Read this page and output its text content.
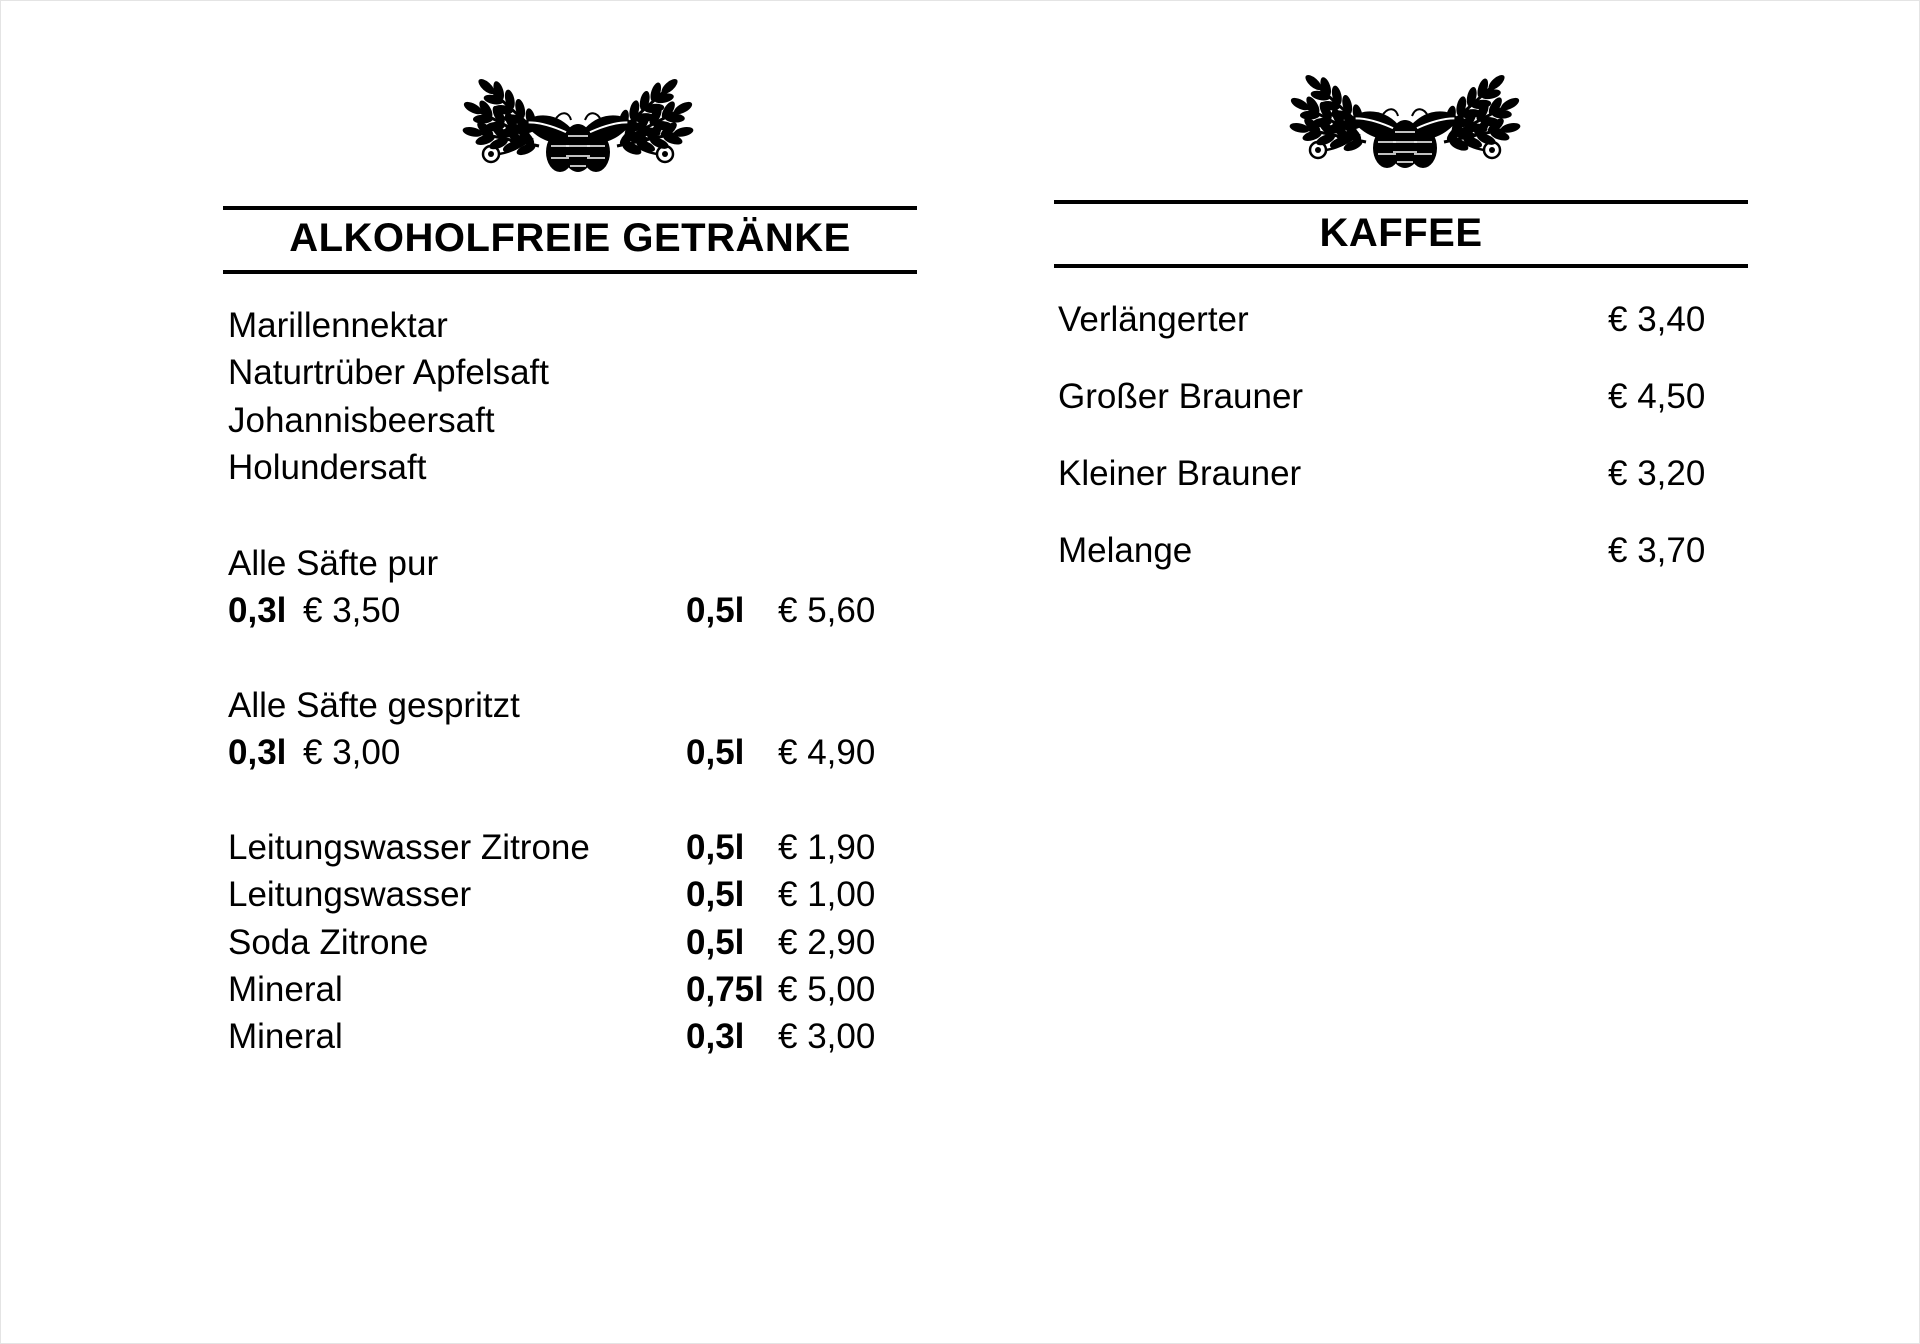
ALKOHOLFREIE GETRÄNKE
Marillennektar
Naturtrüber Apfelsaft
Johannisbeersaft
Holundersaft
Alle Säfte pur
0,3l € 3,50	0,5l € 5,60
Alle Säfte gespritzt
0,3l € 3,00	0,5l € 4,90
Leitungswasser Zitrone	0,5l € 1,90
Leitungswasser	0,5l € 1,00
Soda Zitrone	0,5l € 2,90
Mineral	0,75l € 5,00
Mineral	0,3l € 3,00
KAFFEE
Verlängerter	€ 3,40
Großer Brauner	€ 4,50
Kleiner Brauner	€ 3,20
Melange	€ 3,70
